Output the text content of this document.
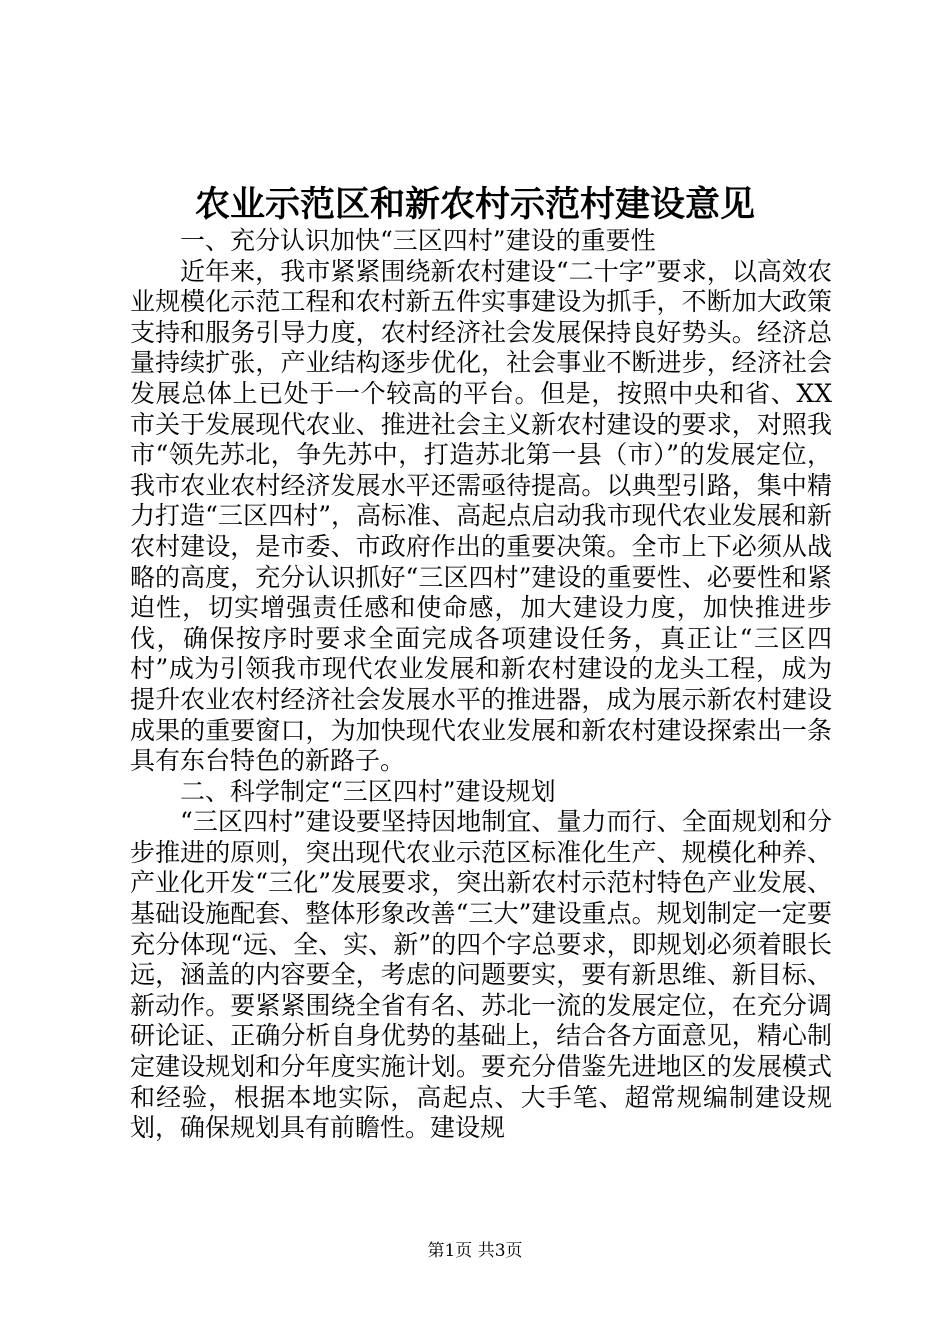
农业示范区和新农村示范村建设意见

一、充分认识加快“三区四村”建设的重要性

近年来，我市紧紧围绕新农村建设“二十字”要求，以高效农业规模化示范工程和农村新五件实事建设为抓手，不断加大政策支持和服务引导力度，农村经济社会发展保持良好势头。经济总量持续扩张，产业结构逐步优化，社会事业不断进步，经济社会发展总体上已处于一个较高的平台。但是，按照中央和省、XX市关于发展现代农业、推进社会主义新农村建设的要求，对照我市“领先苏北，争先苏中，打造苏北第一县（市）”的发展定位，我市农业农村经济发展水平还需亟待提高。以典型引路，集中精力打造“三区四村”，高标准、高起点启动我市现代农业发展和新农村建设，是市委、市政府作出的重要决策。全市上下必须从战略的高度，充分认识抓好“三区四村”建设的重要性、必要性和紧迫性，切实增强责任感和使命感，加大建设力度，加快推进步伐，确保按序时要求全面完成各项建设任务，真正让“三区四村”成为引领我市现代农业发展和新农村建设的龙头工程，成为提升农业农村经济社会发展水平的推进器，成为展示新农村建设成果的重要窗口，为加快现代农业发展和新农村建设探索出一条具有东台特色的新路子。

二、科学制定“三区四村”建设规划

“三区四村”建设要坚持因地制宜、量力而行、全面规划和分步推进的原则，突出现代农业示范区标准化生产、规模化种养、产业化开发“三化”发展要求，突出新农村示范村特色产业发展、基础设施配套、整体形象改善“三大”建设重点。规划制定一定要充分体现“远、全、实、新”的四个字总要求，即规划必须着眼长远，涵盖的内容要全，考虑的问题要实，要有新思维、新目标、新动作。要紧紧围绕全省有名、苏北一流的发展定位，在充分调研论证、正确分析自身优势的基础上，结合各方面意见，精心制定建设规划和分年度实施计划。要充分借鉴先进地区的发展模式和经验，根据本地实际，高起点、大手笔、超常规编制建设规划，确保规划具有前瞻性。建设规

第1页 共3页
